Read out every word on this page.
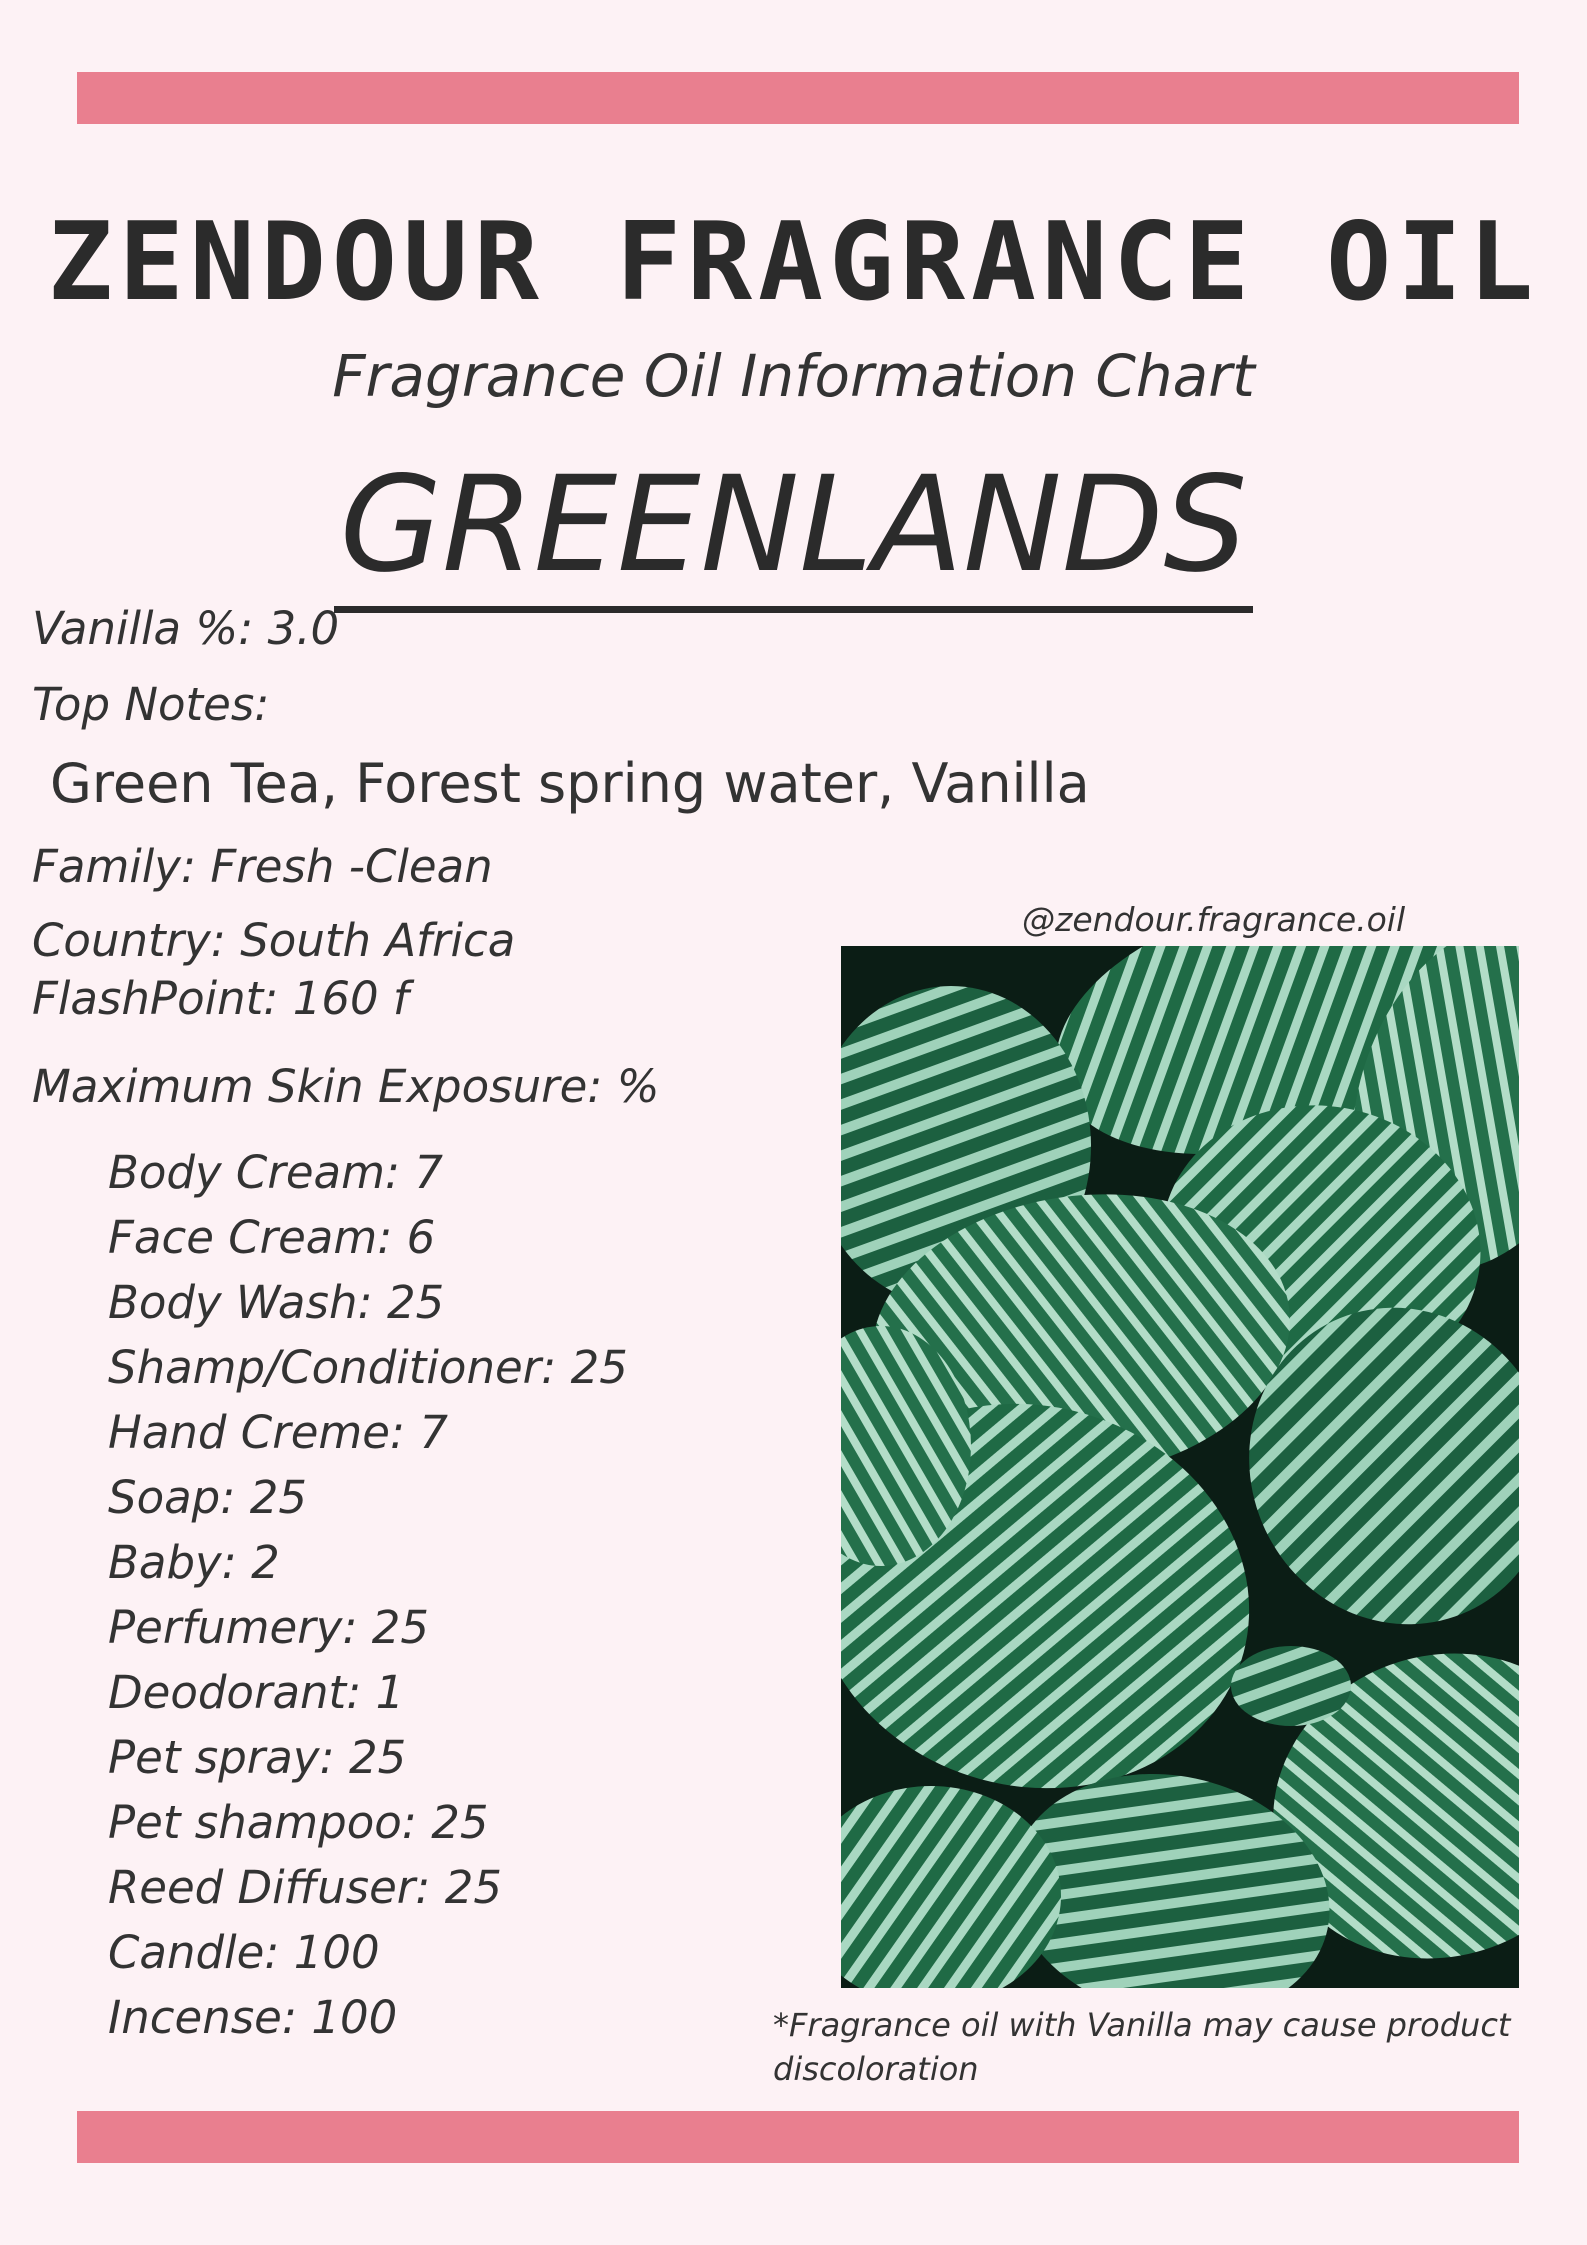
ZENDOUR FRAGRANCE OIL
Fragrance Oil Information Chart
GREENLANDS
Vanilla %: 3.0
Top Notes:
Green Tea, Forest spring water, Vanilla
Family: Fresh -Clean
Country: South Africa
FlashPoint: 160 f
Maximum Skin Exposure: %
Body Cream: 7
Face Cream: 6
Body Wash: 25
Shamp/Conditioner: 25
Hand Creme: 7
Soap: 25
Baby: 2
Perfumery: 25
Deodorant: 1
Pet spray: 25
Pet shampoo: 25
Reed Diffuser: 25
Candle: 100
Incense: 100
@zendour.fragrance.oil
*Fragrance oil with Vanilla may cause product discoloration
